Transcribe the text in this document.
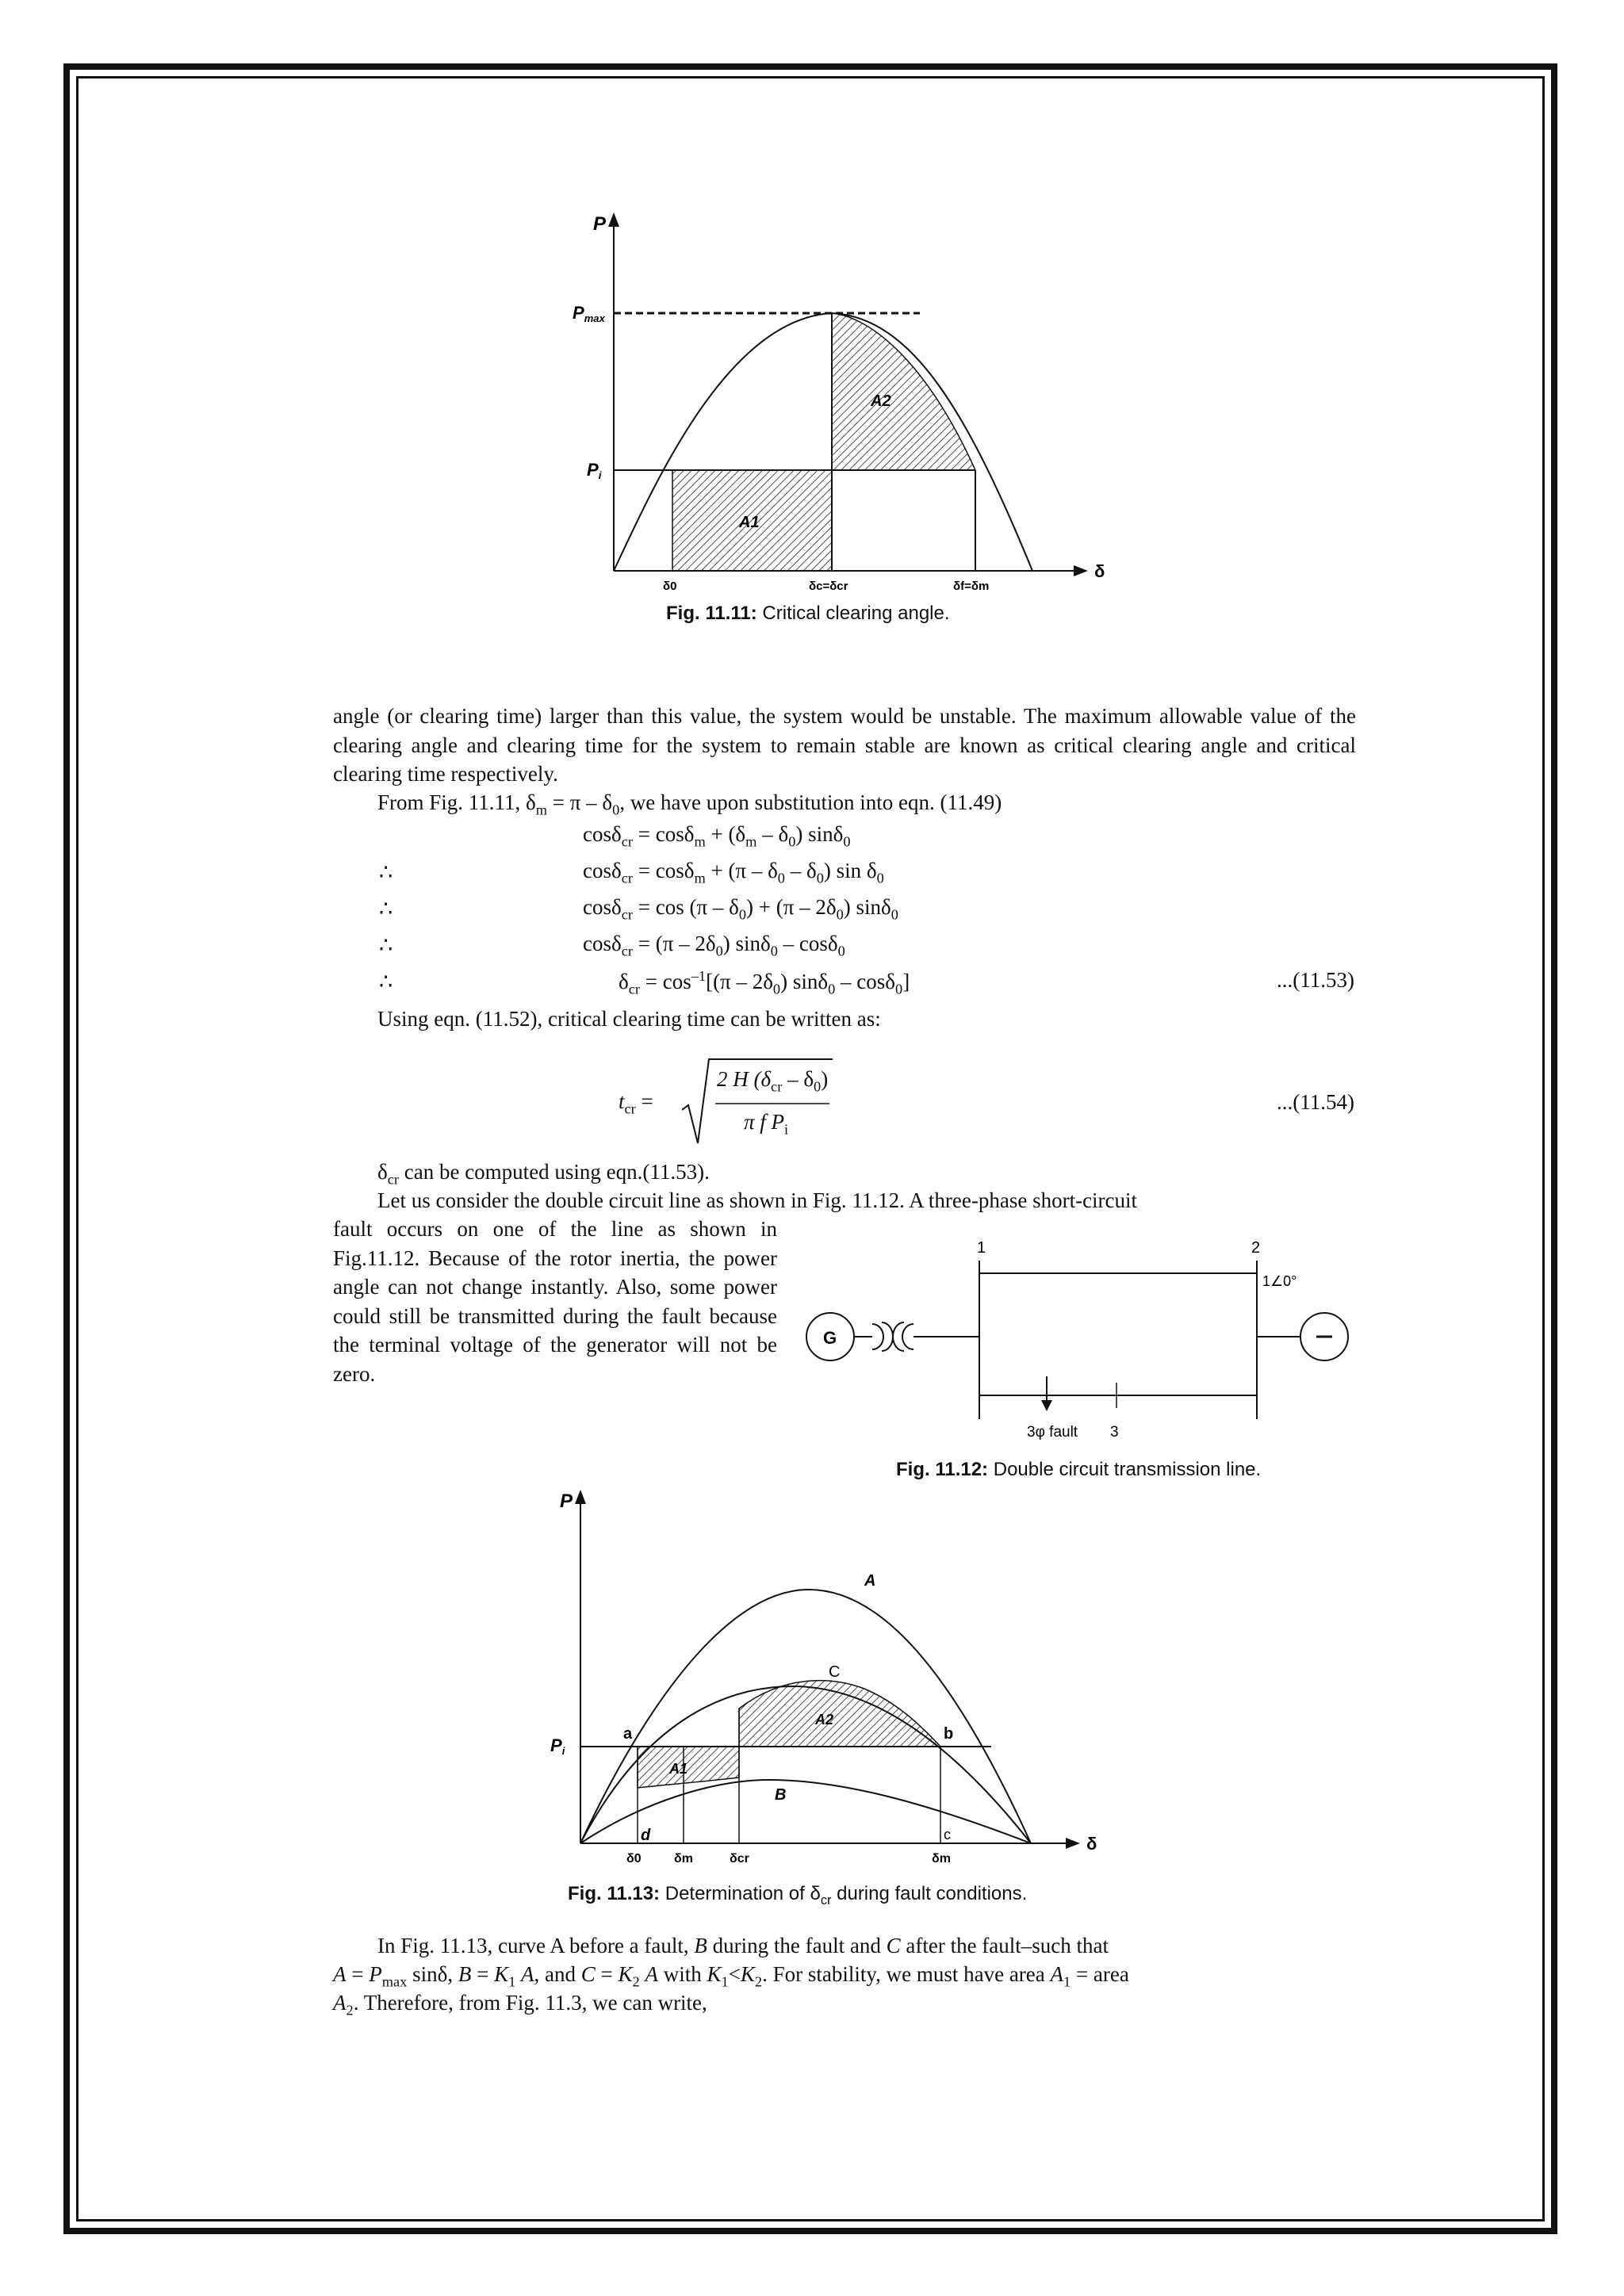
P
δ
Pmax
Pi
A1
A2
δ0	δc=δcr	δf=δm
Fig. 11.11: Critical clearing angle.
angle (or clearing time) larger than this value, the system would be unstable. The maximum allowable value of the clearing angle and clearing time for the system to remain stable are known as critical clearing angle and critical clearing time respectively.
From Fig. 11.11, $\delta_m = \pi - \delta_0$, we have upon substitution into eqn. (11.49)
$\cos\delta_{cr} = \cos\delta_m + (\delta_m - \delta_0)$ sinδ$_0$
∴	$\cos\delta_{cr} = \cos\delta_m + (\pi - \delta_0 - \delta_0)$ $\sin \delta_0$
∴	$\cos\delta_{cr} = \cos (\pi - \delta_0) + (\pi - 2\delta_0)$ sinδ$_0$
∴	$\cos\delta_{cr} = (\pi - 2\delta_0)$ sinδ$_0$ – cosδ$_0$
∴	$\delta_{cr} = \cos^{-1}[(\pi - 2\delta_0)$ sinδ$_0$ – cosδ$_0$]	...(11.53)
Using eqn. (11.52), critical clearing time can be written as:
$t_{cr}$ =
2 H $(\delta_{cr} - \delta_0)$
π f $P_i$
...(11.54)
$\delta_{cr}$ can be computed using eqn.(11.53).
Let us consider the double circuit line as shown in Fig. 11.12. A three-phase short-circuit
fault occurs on one of the line as shown in Fig.11.12. Because of the rotor inertia, the power angle can not change instantly. Also, some power could still be transmitted during the fault because the terminal voltage of the generator will not be zero.
G
1	2
1∠0°
3φ fault 3
Fig. 11.12: Double circuit transmission line.
P
δ
Pi
A
C
B
a	b
c
d
A1
A2
δ0	δm	δcr	δm
Fig. 11.13: Determination of $\delta_{cr}$ during fault conditions.
In Fig. 11.13, curve A before a fault, B during the fault and C after the fault–such that
$A = P_{max}$ sinδ, $B = K_1$ A, and $C = K_2$ A with $K_1<K_2$. For stability, we must have area $A_1$ = area
$A_2$. Therefore, from Fig. 11.3, we can write,
